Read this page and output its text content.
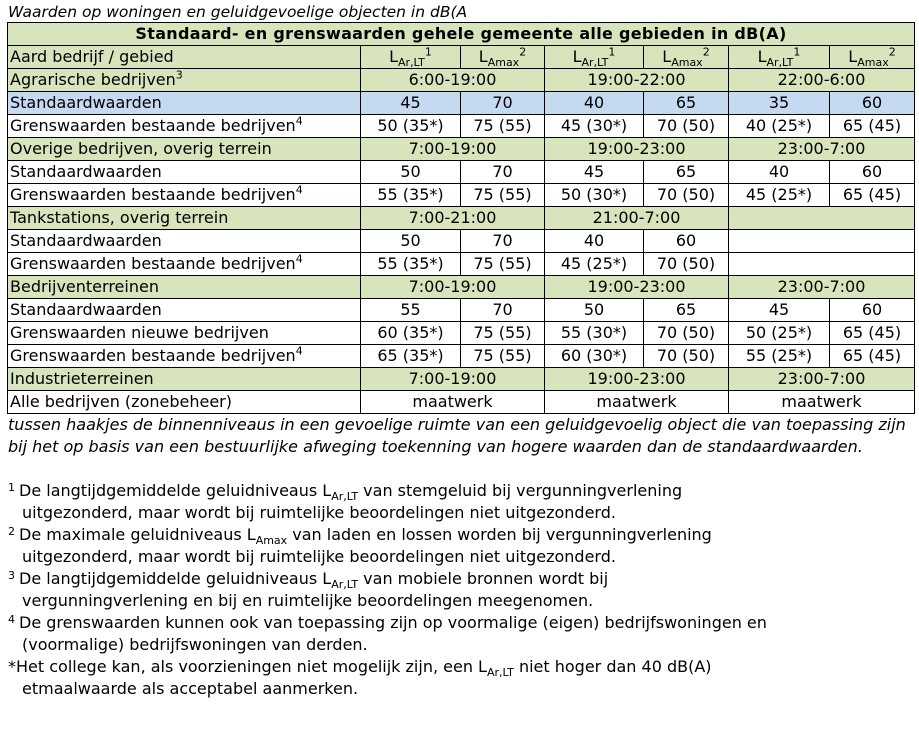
Waarden op woningen en geluidgevoelige objecten in dB(A
Standaard- en grenswaarden gehele gemeente alle gebieden in dB(A)						
Aard bedrijf / gebied	$L_{Ar,LT}^1$	$L_{Amax}^2$	$L_{Ar,LT}^1$	$L_{Amax}^2$	$L_{Ar,LT}^1$	$L_{Amax}^2$
Agrarische bedrijven$^3$	6:00-19:00		19:00-22:00		22:00-6:00	
Standaardwaarden	45	70	40	65	35	60
Grenswaarden bestaande bedrijven$^4$	50 (35*)	75 (55)	45 (30*)	70 (50)	40 (25*)	65 (45)
Overige bedrijven, overig terrein	7:00-19:00		19:00-23:00		23:00-7:00	
Standaardwaarden	50	70	45	65	40	60
Grenswaarden bestaande bedrijven$^4$	55 (35*)	75 (55)	50 (30*)	70 (50)	45 (25*)	65 (45)
Tankstations, overig terrein	7:00-21:00		21:00-7:00			
Standaardwaarden	50	70	40	60		
Grenswaarden bestaande bedrijven$^4$	55 (35*)	75 (55)	45 (25*)	70 (50)		
Bedrijventerreinen	7:00-19:00		19:00-23:00		23:00-7:00	
Standaardwaarden	55	70	50	65	45	60
Grenswaarden nieuwe bedrijven	60 (35*)	75 (55)	55 (30*)	70 (50)	50 (25*)	65 (45)
Grenswaarden bestaande bedrijven$^4$	65 (35*)	75 (55)	60 (30*)	70 (50)	55 (25*)	65 (45)
Industrieterreinen	7:00-19:00		19:00-23:00		23:00-7:00	
Alle bedrijven (zonebeheer)	maatwerk		maatwerk		maatwerk	
tussen haakjes de binnenniveaus in een gevoelige ruimte van een geluidgevoelig object die van toepassing zijn bij het op basis van een bestuurlijke afweging toekenning van hogere waarden dan de standaardwaarden.
$^1$ De langtijdgemiddelde geluidniveaus $L_{Ar,LT}$ van stemgeluid bij vergunningverlening
uitgezonderd, maar wordt bij ruimtelijke beoordelingen niet uitgezonderd.
$^2$ De maximale geluidniveaus $L_{Amax}$ van laden en lossen worden bij vergunningverlening
uitgezonderd, maar wordt bij ruimtelijke beoordelingen niet uitgezonderd.
$^3$ De langtijdgemiddelde geluidniveaus $L_{Ar,LT}$ van mobiele bronnen wordt bij
vergunningverlening en bij en ruimtelijke beoordelingen meegenomen.
$^4$ De grenswaarden kunnen ook van toepassing zijn op voormalige (eigen) bedrijfswoningen en
(voormalige) bedrijfswoningen van derden.
*Het college kan, als voorzieningen niet mogelijk zijn, een $L_{Ar,LT}$ niet hoger dan 40 dB(A)
etmaalwaarde als acceptabel aanmerken.
